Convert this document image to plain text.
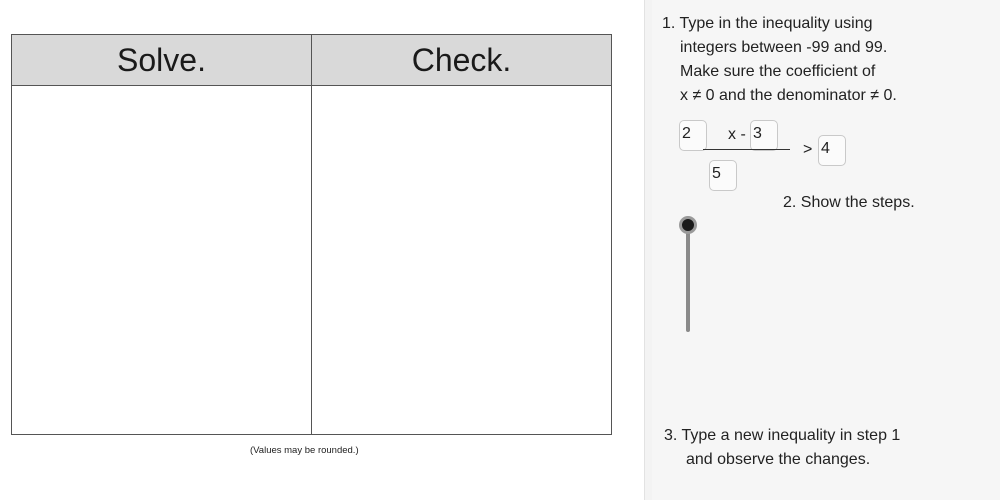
Solve.	Check.
(Values may be rounded.)
1. Type in the inequality using
integers between -99 and 99.
Make sure the coefficient of
x ≠ 0 and the denominator ≠ 0.
2	x - 3
5
> 4
2. Show the steps.
3. Type a new inequality in step 1
and observe the changes.
